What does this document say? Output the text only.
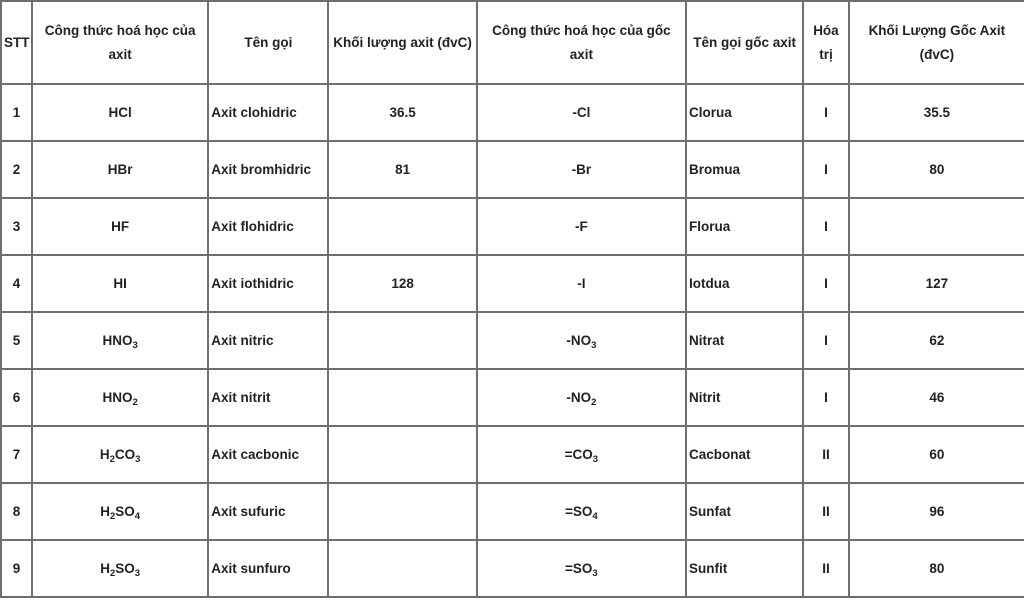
STT	Công thức hoá học của axit	Tên gọi	Khối lượng axit (đvC)	Công thức hoá học của gốc axit	Tên gọi gốc axit	Hóa trị	Khối Lượng Gốc Axit (đvC)
1	HCl	Axit clohidric	36.5	-Cl	Clorua	I	35.5
2	HBr	Axit bromhidric	81	-Br	Bromua	I	80
3	HF	Axit flohidric		-F	Florua	I	
4	HI	Axit iothidric	128	-I	Iotdua	I	127
5	$HNO_3$	Axit nitric		$-NO_3$	Nitrat	I	62
6	$HNO_2$	Axit nitrit		$-NO_2$	Nitrit	I	46
7	$H_2CO_3$	Axit cacbonic		$=CO_3$	Cacbonat	II	60
8	$H_2SO_4$	Axit sufuric		$=SO_4$	Sunfat	II	96
9	$H_2SO_3$	Axit sunfuro		$=SO_3$	Sunfit	II	80
